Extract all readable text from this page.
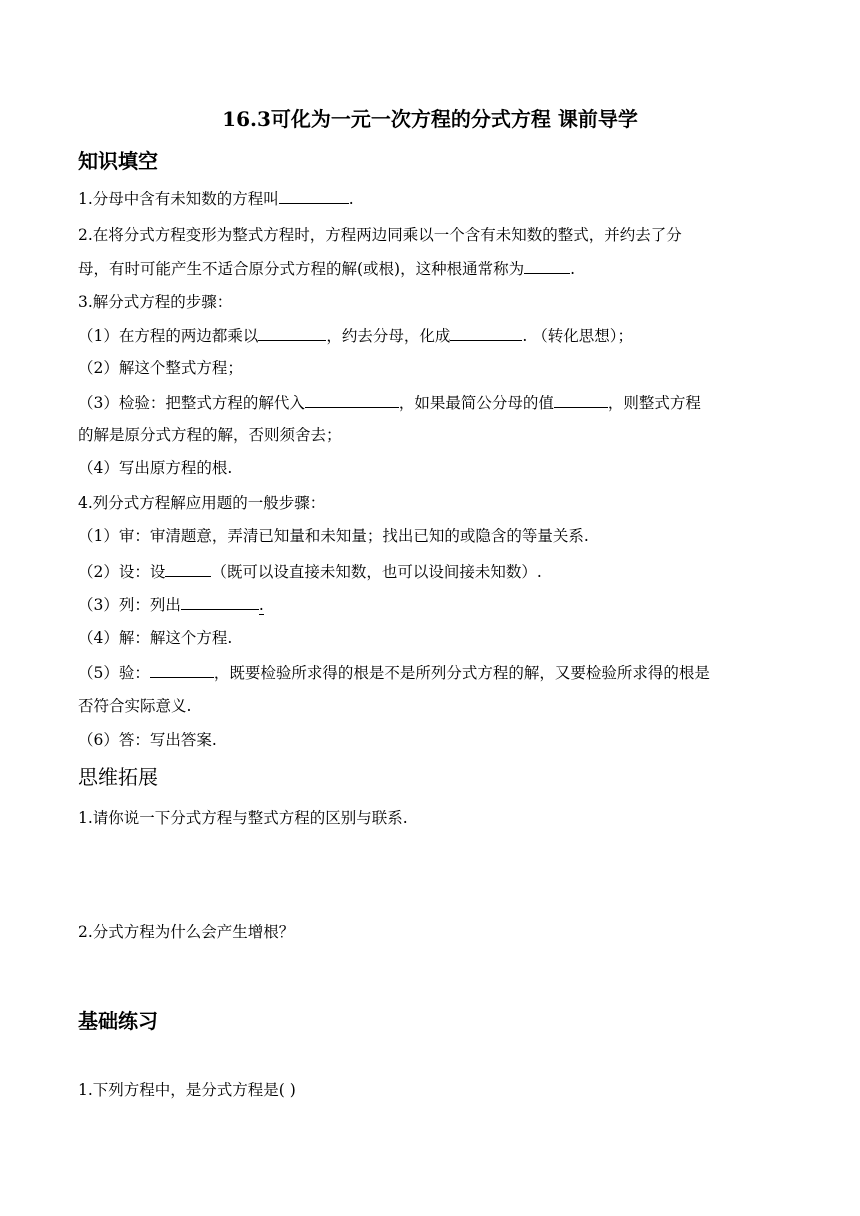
16.3可化为一元一次方程的分式方程 课前导学
知识填空
1.分母中含有未知数的方程叫	.
2.在将分式方程变形为整式方程时，方程两边同乘以一个含有未知数的整式，并约去了分
母，有时可能产生不适合原分式方程的解(或根)，这种根通常称为	.
3.解分式方程的步骤：
（1）在方程的两边都乘以	，约去分母，化成	. （转化思想）；
（2）解这个整式方程；
（3）检验：把整式方程的解代入	，如果最简公分母的值	，则整式方程
的解是原分式方程的解，否则须舍去；
（4）写出原方程的根.
4.列分式方程解应用题的一般步骤：
（1）审：审清题意，弄清已知量和未知量；找出已知的或隐含的等量关系.
（2）设：设	（既可以设直接未知数，也可以设间接未知数）.
（3）列：列出	.
（4）解：解这个方程.
（5）验：	，既要检验所求得的根是不是所列分式方程的解，又要检验所求得的根是
否符合实际意义.
（6）答：写出答案.
思维拓展
1.请你说一下分式方程与整式方程的区别与联系.
2.分式方程为什么会产生增根？
基础练习
1.下列方程中，是分式方程是( )
